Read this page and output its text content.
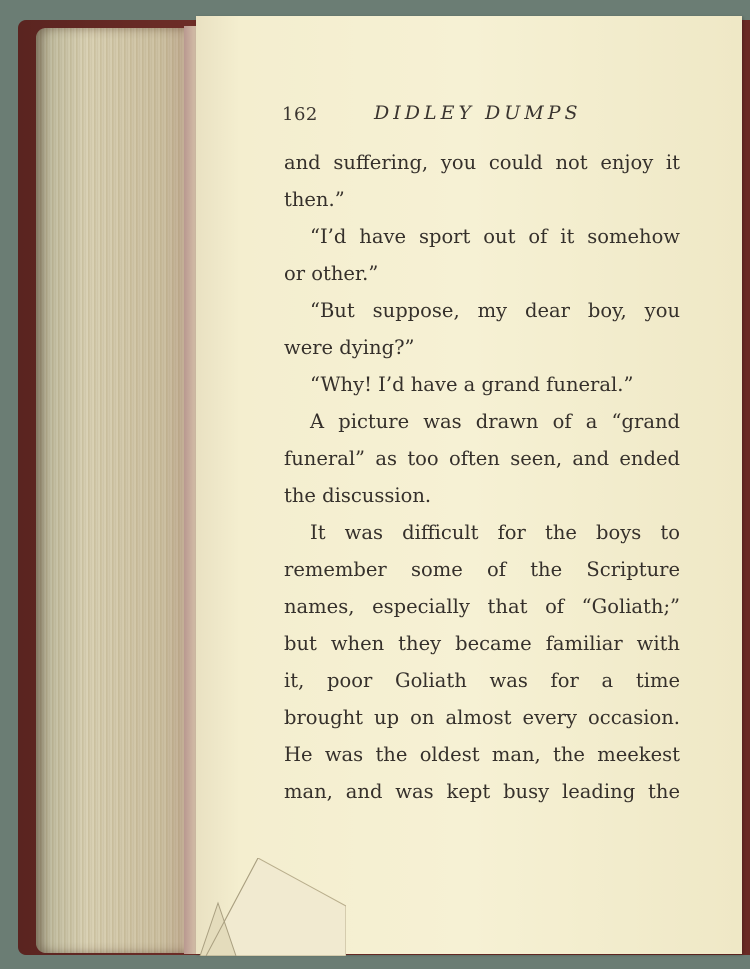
162	DIDLEY DUMPS
and suffering, you could not enjoy it
then.”
“I’d have sport out of it somehow
or other.”
“But suppose, my dear boy, you
were dying?”
“Why! I’d have a grand funeral.”
A picture was drawn of a “grand
funeral” as too often seen, and ended
the discussion.
It was difficult for the boys to
remember some of the Scripture
names, especially that of “Goliath;”
but when they became familiar with
it, poor Goliath was for a time
brought up on almost every occasion.
He was the oldest man, the meekest
man, and was kept busy leading the
